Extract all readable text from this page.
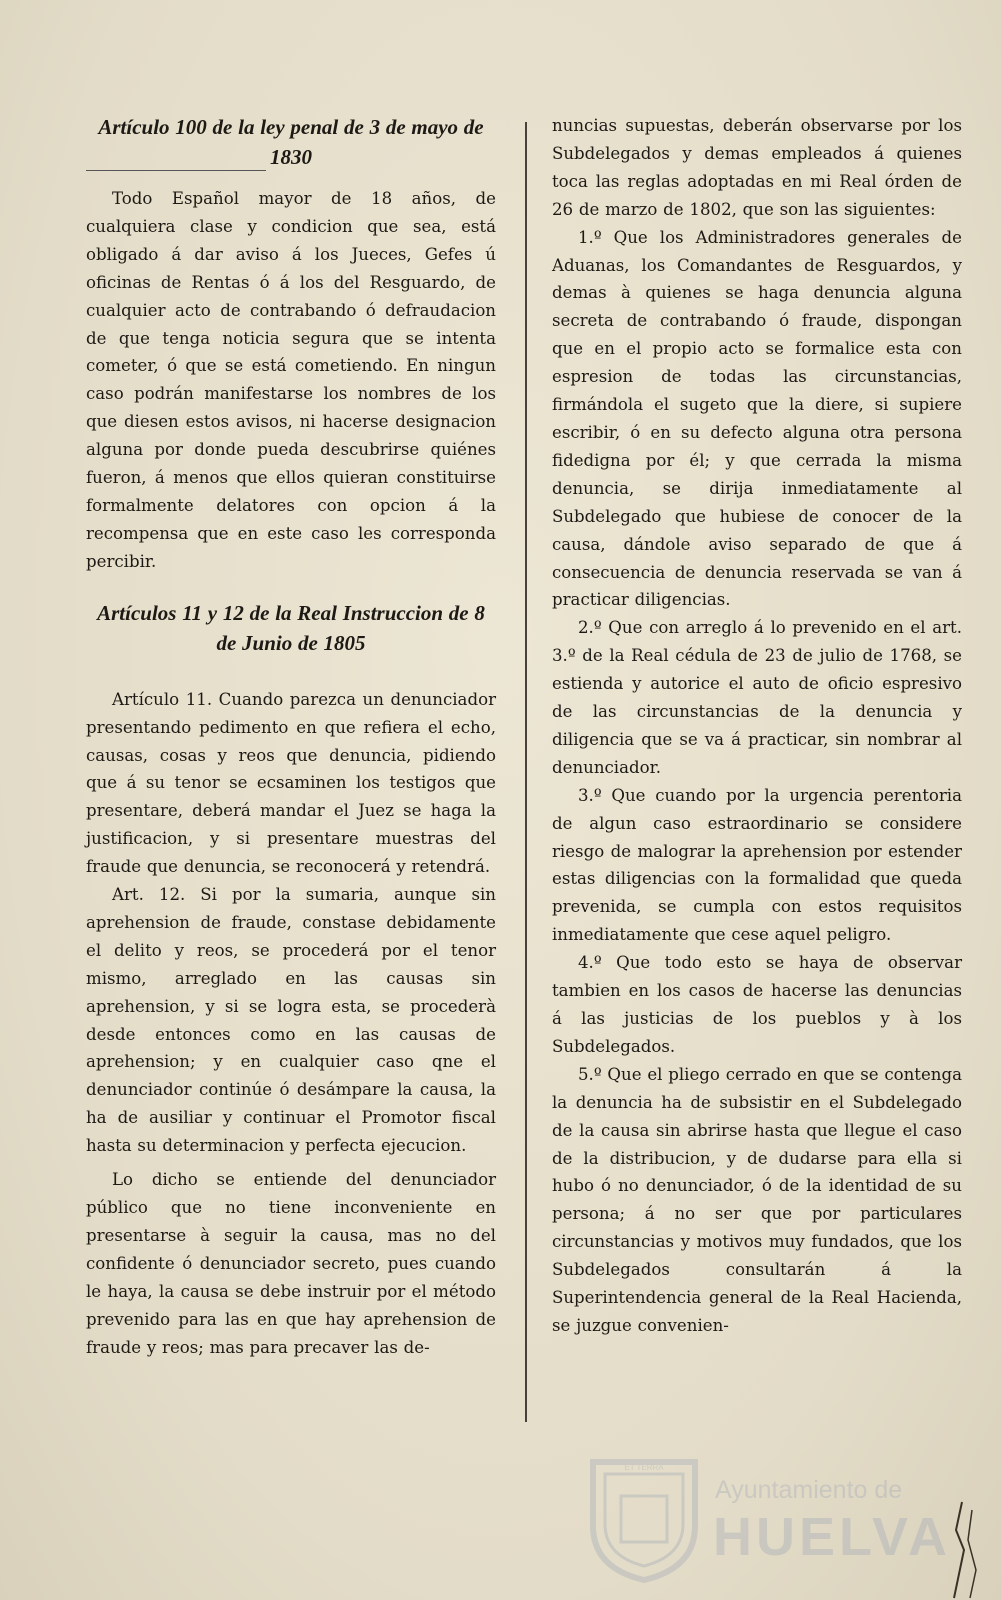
Artículo 100 de la ley penal de 3 de mayo de 1830

Todo Español mayor de 18 años, de cualquiera clase y condicion que sea, está obligado á dar aviso á los Jueces, Gefes ú oficinas de Rentas ó á los del Resguardo, de cualquier acto de contrabando ó defraudacion de que tenga noticia segura que se intenta cometer, ó que se está cometiendo. En ningun caso podrán manifestarse los nombres de los que diesen estos avisos, ni hacerse designacion alguna por donde pueda descubrirse quiénes fueron, á menos que ellos quieran constituirse formalmente delatores con opcion á la recompensa que en este caso les corresponda percibir.

Artículos 11 y 12 de la Real Instruccion de 8 de Junio de 1805

Artículo 11. Cuando parezca un denunciador presentando pedimento en que refiera el echo, causas, cosas y reos que denuncia, pidiendo que á su tenor se ecsaminen los testigos que presentare, deberá mandar el Juez se haga la justificacion, y si presentare muestras del fraude que denuncia, se reconocerá y retendrá.

Art. 12. Si por la sumaria, aunque sin aprehension de fraude, constase debidamente el delito y reos, se procederá por el tenor mismo, arreglado en las causas sin aprehension, y si se logra esta, se procederà desde entonces como en las causas de aprehension; y en cualquier caso qne el denunciador continúe ó desámpare la causa, la ha de ausiliar y continuar el Promotor fiscal hasta su determinacion y perfecta ejecucion.

Lo dicho se entiende del denunciador público que no tiene inconveniente en presentarse à seguir la causa, mas no del confidente ó denunciador secreto, pues cuando le haya, la causa se debe instruir por el método prevenido para las en que hay aprehension de fraude y reos; mas para precaver las de-

nuncias supuestas, deberán observarse por los Subdelegados y demas empleados á quienes toca las reglas adoptadas en mi Real órden de 26 de marzo de 1802, que son las siguientes:

1.º Que los Administradores generales de Aduanas, los Comandantes de Resguardos, y demas à quienes se haga denuncia alguna secreta de contrabando ó fraude, dispongan que en el propio acto se formalice esta con espresion de todas las circunstancias, firmándola el sugeto que la diere, si supiere escribir, ó en su defecto alguna otra persona fidedigna por él; y que cerrada la misma denuncia, se dirija inmediatamente al Subdelegado que hubiese de conocer de la causa, dándole aviso separado de que á consecuencia de denuncia reservada se van á practicar diligencias.

2.º Que con arreglo á lo prevenido en el art. 3.º de la Real cédula de 23 de julio de 1768, se estienda y autorice el auto de oficio espresivo de las circunstancias de la denuncia y diligencia que se va á practicar, sin nombrar al denunciador.

3.º Que cuando por la urgencia perentoria de algun caso estraordinario se considere riesgo de malograr la aprehension por estender estas diligencias con la formalidad que queda prevenida, se cumpla con estos requisitos inmediatamente que cese aquel peligro.

4.º Que todo esto se haya de observar tambien en los casos de hacerse las denuncias á las justicias de los pueblos y à los Subdelegados.

5.º Que el pliego cerrado en que se contenga la denuncia ha de subsistir en el Subdelegado de la causa sin abrirse hasta que llegue el caso de la distribucion, y de dudarse para ella si hubo ó no denunciador, ó de la identidad de su persona; á no ser que por particulares circunstancias y motivos muy fundados, que los Subdelegados consultarán á la Superintendencia general de la Real Hacienda, se juzgue convenien-

ET TERRA
Ayuntamiento de
HUELVA
